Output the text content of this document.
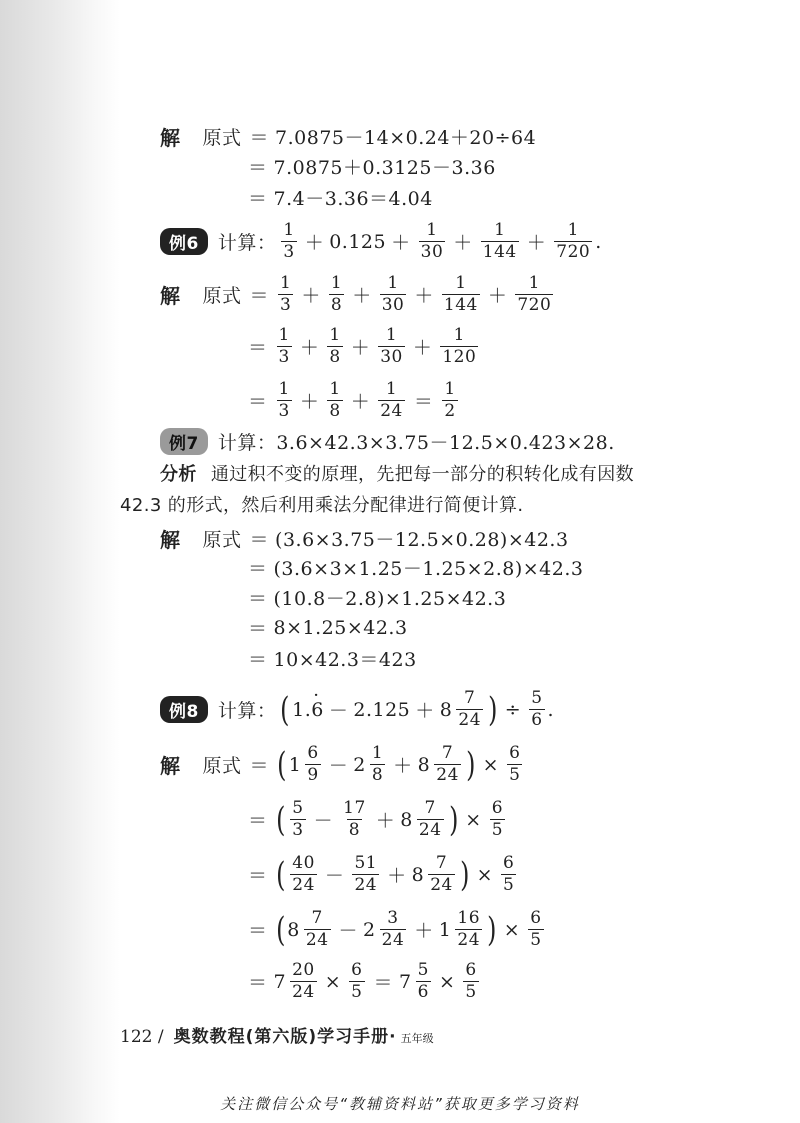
解 原式 ＝ 7.0875－14×0.24＋20÷64
＝ 7.0875＋0.3125－3.36
＝ 7.4－3.36＝4.04
例6	计算： $\frac{1}{3} + 0.125 + \frac{1}{30} + \frac{1}{144} + \frac{1}{720}$ .
解 原式 ＝ $\frac{1}{3} + \frac{1}{8} + \frac{1}{30} + \frac{1}{144} + \frac{1}{720}$
＝ $\frac{1}{3} + \frac{1}{8} + \frac{1}{30} + \frac{1}{120}$
＝ $\frac{1}{3} + \frac{1}{8} + \frac{1}{24} = \frac{1}{2}$
例7	计算：3.6×42.3×3.75－12.5×0.423×28.
分析 通过积不变的原理，先把每一部分的积转化成有因数
42.3 的形式，然后利用乘法分配律进行简便计算.
解 原式 ＝ (3.6×3.75－12.5×0.28)×42.3
＝ (3.6×3×1.25－1.25×2.8)×42.3
＝ (10.8－2.8)×1.25×42.3
＝ 8×1.25×42.3
＝ 10×42.3＝423
例8	计算： ( 1.
· $6 - 2.125 + 8 \frac{7}{24}$ ) ÷ $\frac{5}{6}$ .
解 原式 ＝ ( $1 \frac{6}{9} - 2 \frac{1}{8} + 8 \frac{7}{24}$ ) × $\frac{6}{5}$
＝ ( $\frac{5}{3} - \frac{17}{8} + 8 \frac{7}{24}$ ) × $\frac{6}{5}$
＝ ( $\frac{40}{24} - \frac{51}{24} + 8 \frac{7}{24}$ ) × $\frac{6}{5}$
＝ ( $8 \frac{7}{24} - 2 \frac{3}{24} + 1 \frac{16}{24}$ ) × $\frac{6}{5}$
＝ $7 \frac{20}{24} \times \frac{6}{5} = 7 \frac{5}{6} \times \frac{6}{5}$
122 / 奥数教程(第六版)学习手册· 五年级
关注微信公众号“教辅资料站”获取更多学习资料
